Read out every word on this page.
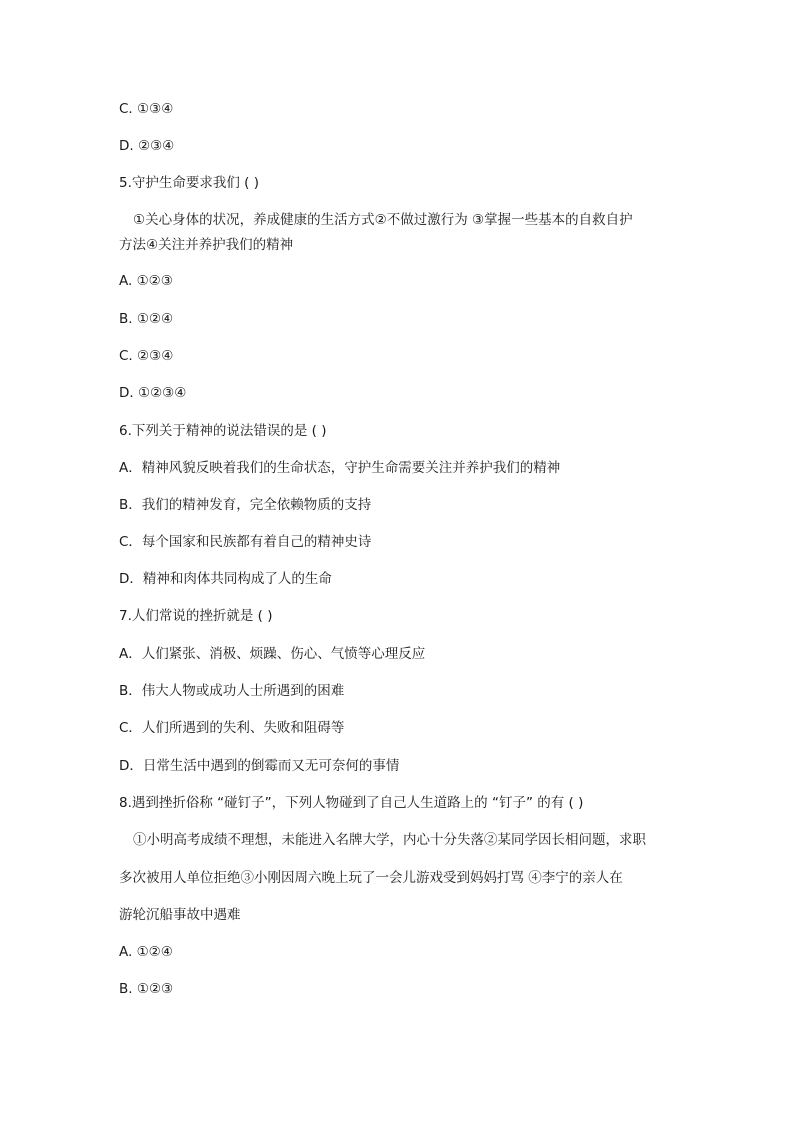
C. ①③④
D. ②③④
5.守护生命要求我们 ( )
①关心身体的状况，养成健康的生活方式②不做过激行为 ③掌握一些基本的自救自护
方法④关注并养护我们的精神
A. ①②③
B. ①②④
C. ②③④
D. ①②③④
6.下列关于精神的说法错误的是 ( )
A．精神风貌反映着我们的生命状态，守护生命需要关注并养护我们的精神
B．我们的精神发育，完全依赖物质的支持
C．每个国家和民族都有着自己的精神史诗
D．精神和肉体共同构成了人的生命
7.人们常说的挫折就是 ( )
A．人们紧张、消极、烦躁、伤心、气愤等心理反应
B．伟大人物或成功人士所遇到的困难
C．人们所遇到的失利、失败和阻碍等
D．日常生活中遇到的倒霉而又无可奈何的事情
8.遇到挫折俗称 “碰钉子”，下列人物碰到了自己人生道路上的 “钉子” 的有 ( )
①小明高考成绩不理想，未能进入名牌大学，内心十分失落②某同学因长相问题，求职
多次被用人单位拒绝③小刚因周六晚上玩了一会儿游戏受到妈妈打骂 ④李宁的亲人在
游轮沉船事故中遇难
A. ①②④
B. ①②③
